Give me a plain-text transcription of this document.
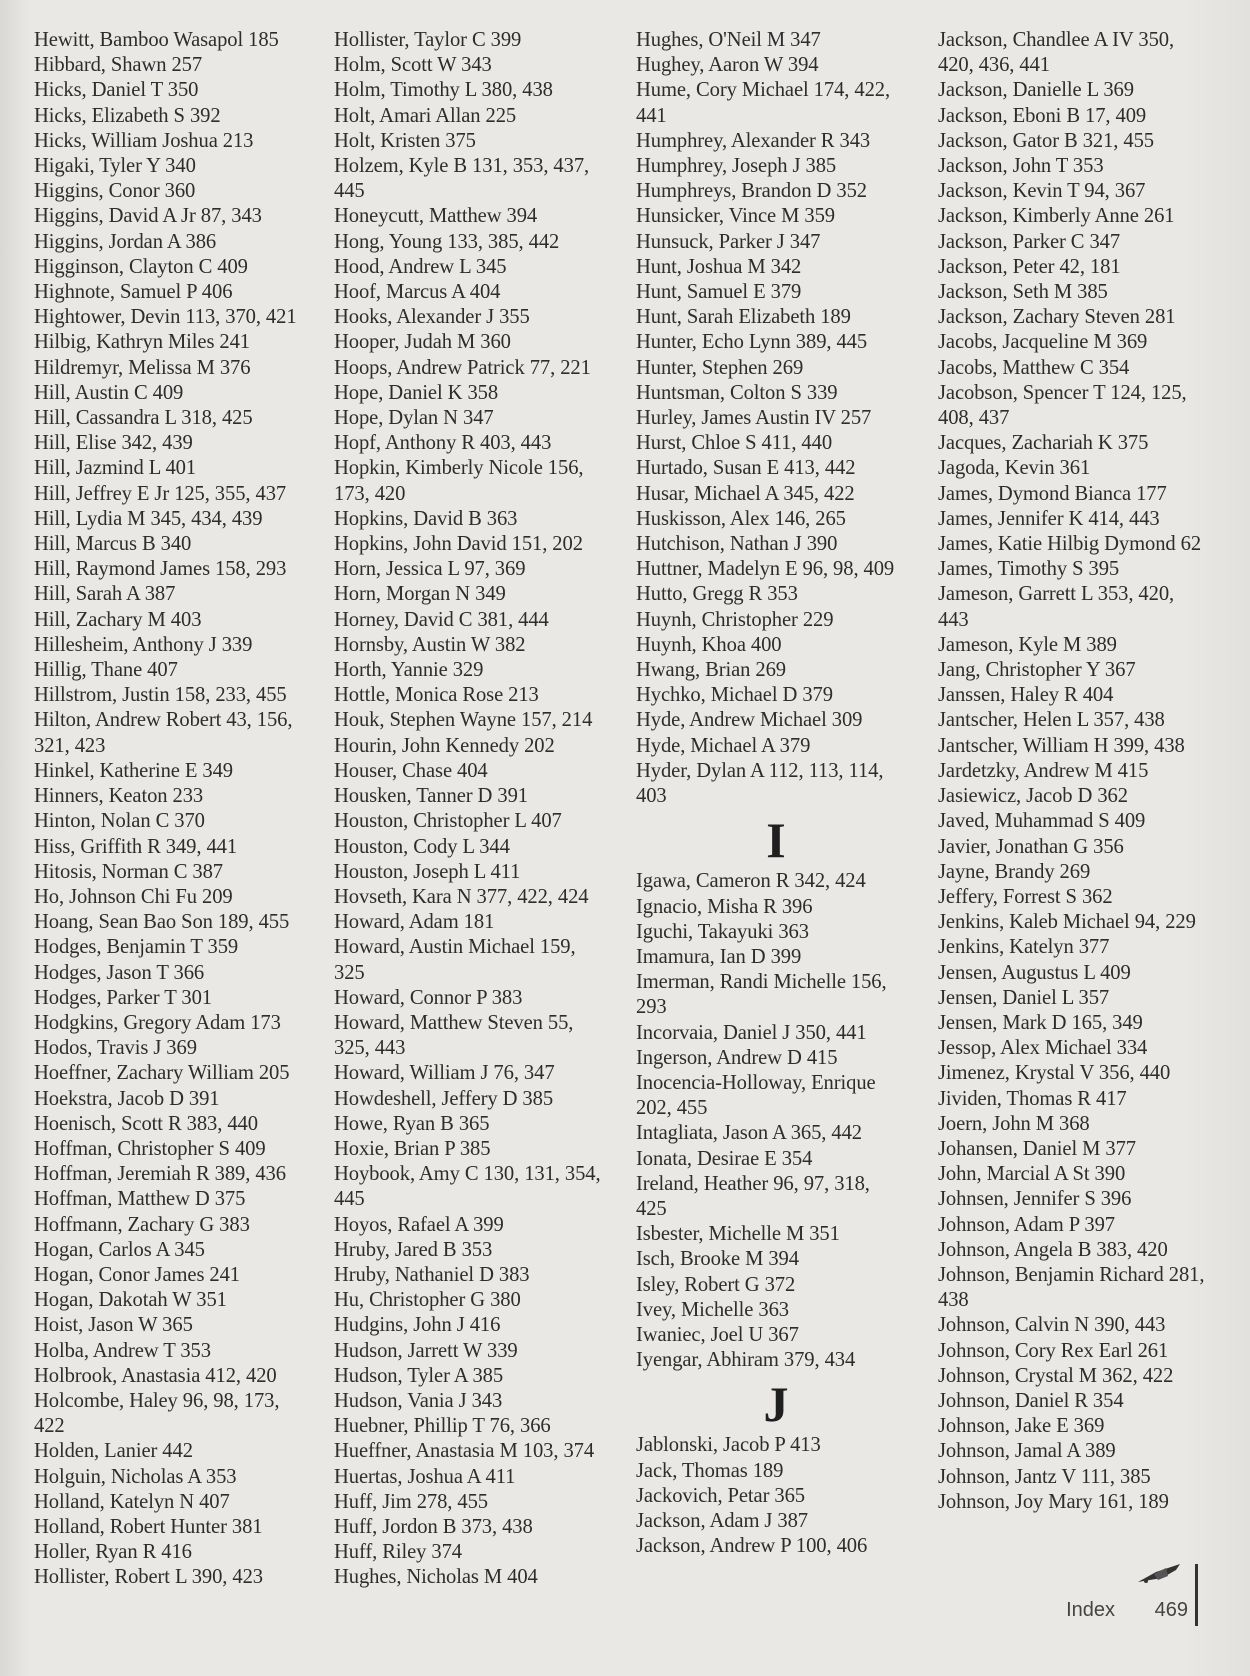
Hewitt, Bamboo Wasapol 185

Hibbard, Shawn 257

Hicks, Daniel T 350

Hicks, Elizabeth S 392

Hicks, William Joshua 213

Higaki, Tyler Y 340

Higgins, Conor 360

Higgins, David A Jr 87, 343

Higgins, Jordan A 386

Higginson, Clayton C 409

Highnote, Samuel P 406

Hightower, Devin 113, 370, 421

Hilbig, Kathryn Miles 241

Hildremyr, Melissa M 376

Hill, Austin C 409

Hill, Cassandra L 318, 425

Hill, Elise 342, 439

Hill, Jazmind L 401

Hill, Jeffrey E Jr 125, 355, 437

Hill, Lydia M 345, 434, 439

Hill, Marcus B 340

Hill, Raymond James 158, 293

Hill, Sarah A 387

Hill, Zachary M 403

Hillesheim, Anthony J 339

Hillig, Thane 407

Hillstrom, Justin 158, 233, 455

Hilton, Andrew Robert 43, 156,

321, 423

Hinkel, Katherine E 349

Hinners, Keaton 233

Hinton, Nolan C 370

Hiss, Griffith R 349, 441

Hitosis, Norman C 387

Ho, Johnson Chi Fu 209

Hoang, Sean Bao Son 189, 455

Hodges, Benjamin T 359

Hodges, Jason T 366

Hodges, Parker T 301

Hodgkins, Gregory Adam 173

Hodos, Travis J 369

Hoeffner, Zachary William 205

Hoekstra, Jacob D 391

Hoenisch, Scott R 383, 440

Hoffman, Christopher S 409

Hoffman, Jeremiah R 389, 436

Hoffman, Matthew D 375

Hoffmann, Zachary G 383

Hogan, Carlos A 345

Hogan, Conor James 241

Hogan, Dakotah W 351

Hoist, Jason W 365

Holba, Andrew T 353

Holbrook, Anastasia 412, 420

Holcombe, Haley 96, 98, 173,

422

Holden, Lanier 442

Holguin, Nicholas A 353

Holland, Katelyn N 407

Holland, Robert Hunter 381

Holler, Ryan R 416

Hollister, Robert L 390, 423

Hollister, Taylor C 399

Holm, Scott W 343

Holm, Timothy L 380, 438

Holt, Amari Allan 225

Holt, Kristen 375

Holzem, Kyle B 131, 353, 437,

445

Honeycutt, Matthew 394

Hong, Young 133, 385, 442

Hood, Andrew L 345

Hoof, Marcus A 404

Hooks, Alexander J 355

Hooper, Judah M 360

Hoops, Andrew Patrick 77, 221

Hope, Daniel K 358

Hope, Dylan N 347

Hopf, Anthony R 403, 443

Hopkin, Kimberly Nicole 156,

173, 420

Hopkins, David B 363

Hopkins, John David 151, 202

Horn, Jessica L 97, 369

Horn, Morgan N 349

Horney, David C 381, 444

Hornsby, Austin W 382

Horth, Yannie 329

Hottle, Monica Rose 213

Houk, Stephen Wayne 157, 214

Hourin, John Kennedy 202

Houser, Chase 404

Housken, Tanner D 391

Houston, Christopher L 407

Houston, Cody L 344

Houston, Joseph L 411

Hovseth, Kara N 377, 422, 424

Howard, Adam 181

Howard, Austin Michael 159,

325

Howard, Connor P 383

Howard, Matthew Steven 55,

325, 443

Howard, William J 76, 347

Howdeshell, Jeffery D 385

Howe, Ryan B 365

Hoxie, Brian P 385

Hoybook, Amy C 130, 131, 354,

445

Hoyos, Rafael A 399

Hruby, Jared B 353

Hruby, Nathaniel D 383

Hu, Christopher G 380

Hudgins, John J 416

Hudson, Jarrett W 339

Hudson, Tyler A 385

Hudson, Vania J 343

Huebner, Phillip T 76, 366

Hueffner, Anastasia M 103, 374

Huertas, Joshua A 411

Huff, Jim 278, 455

Huff, Jordon B 373, 438

Huff, Riley 374

Hughes, Nicholas M 404

Hughes, O'Neil M 347

Hughey, Aaron W 394

Hume, Cory Michael 174, 422,

441

Humphrey, Alexander R 343

Humphrey, Joseph J 385

Humphreys, Brandon D 352

Hunsicker, Vince M 359

Hunsuck, Parker J 347

Hunt, Joshua M 342

Hunt, Samuel E 379

Hunt, Sarah Elizabeth 189

Hunter, Echo Lynn 389, 445

Hunter, Stephen 269

Huntsman, Colton S 339

Hurley, James Austin IV 257

Hurst, Chloe S 411, 440

Hurtado, Susan E 413, 442

Husar, Michael A 345, 422

Huskisson, Alex 146, 265

Hutchison, Nathan J 390

Huttner, Madelyn E 96, 98, 409

Hutto, Gregg R 353

Huynh, Christopher 229

Huynh, Khoa 400

Hwang, Brian 269

Hychko, Michael D 379

Hyde, Andrew Michael 309

Hyde, Michael A 379

Hyder, Dylan A 112, 113, 114,

403

I

Igawa, Cameron R 342, 424

Ignacio, Misha R 396

Iguchi, Takayuki 363

Imamura, Ian D 399

Imerman, Randi Michelle 156,

293

Incorvaia, Daniel J 350, 441

Ingerson, Andrew D 415

Inocencia-Holloway, Enrique

202, 455

Intagliata, Jason A 365, 442

Ionata, Desirae E 354

Ireland, Heather 96, 97, 318,

425

Isbester, Michelle M 351

Isch, Brooke M 394

Isley, Robert G 372

Ivey, Michelle 363

Iwaniec, Joel U 367

Iyengar, Abhiram 379, 434

J

Jablonski, Jacob P 413

Jack, Thomas 189

Jackovich, Petar 365

Jackson, Adam J 387

Jackson, Andrew P 100, 406

Jackson, Chandlee A IV 350,

420, 436, 441

Jackson, Danielle L 369

Jackson, Eboni B 17, 409

Jackson, Gator B 321, 455

Jackson, John T 353

Jackson, Kevin T 94, 367

Jackson, Kimberly Anne 261

Jackson, Parker C 347

Jackson, Peter 42, 181

Jackson, Seth M 385

Jackson, Zachary Steven 281

Jacobs, Jacqueline M 369

Jacobs, Matthew C 354

Jacobson, Spencer T 124, 125,

408, 437

Jacques, Zachariah K 375

Jagoda, Kevin 361

James, Dymond Bianca 177

James, Jennifer K 414, 443

James, Katie Hilbig Dymond 62

James, Timothy S 395

Jameson, Garrett L 353, 420,

443

Jameson, Kyle M 389

Jang, Christopher Y 367

Janssen, Haley R 404

Jantscher, Helen L 357, 438

Jantscher, William H 399, 438

Jardetzky, Andrew M 415

Jasiewicz, Jacob D 362

Javed, Muhammad S 409

Javier, Jonathan G 356

Jayne, Brandy 269

Jeffery, Forrest S 362

Jenkins, Kaleb Michael 94, 229

Jenkins, Katelyn 377

Jensen, Augustus L 409

Jensen, Daniel L 357

Jensen, Mark D 165, 349

Jessop, Alex Michael 334

Jimenez, Krystal V 356, 440

Jividen, Thomas R 417

Joern, John M 368

Johansen, Daniel M 377

John, Marcial A St 390

Johnsen, Jennifer S 396

Johnson, Adam P 397

Johnson, Angela B 383, 420

Johnson, Benjamin Richard 281,

438

Johnson, Calvin N 390, 443

Johnson, Cory Rex Earl 261

Johnson, Crystal M 362, 422

Johnson, Daniel R 354

Johnson, Jake E 369

Johnson, Jamal A 389

Johnson, Jantz V 111, 385

Johnson, Joy Mary 161, 189

Index 469
